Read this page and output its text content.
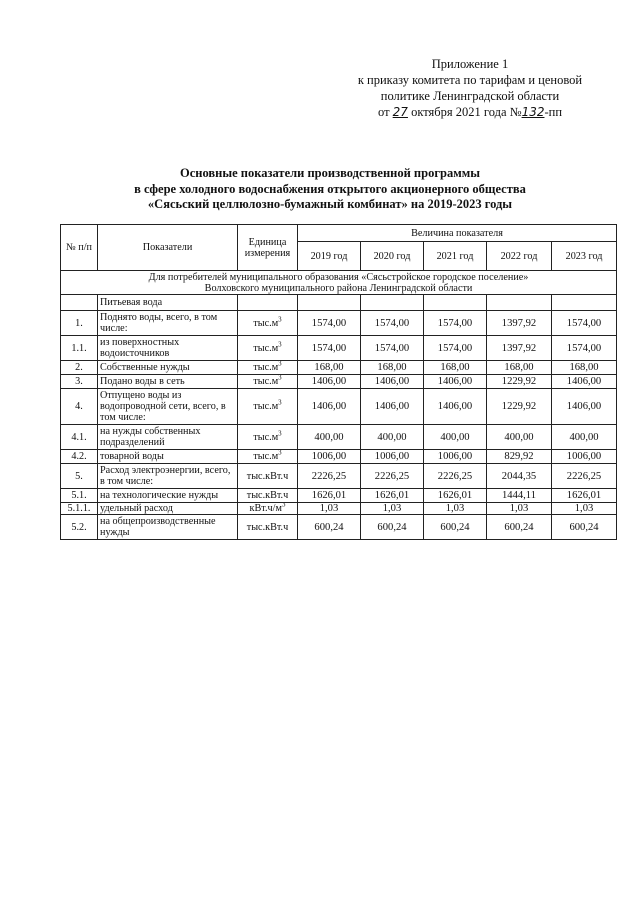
Приложение 1
к приказу комитета по тарифам и ценовой
политике Ленинградской области
от 27 октября 2021 года №132-пп
Основные показатели производственной программы
в сфере холодного водоснабжения открытого акционерного общества
«Сясьский целлюлозно-бумажный комбинат» на 2019-2023 годы
№ п/п	Показатели	Единица измерения	Величина показателя				
			2019 год	2020 год	2021 год	2022 год	2023 год

Для потребителей муниципального образования «Сясьстройское городское поселение»
Волховского муниципального района Ленинградской области							

	Питьевая вода						
1.	Поднято воды, всего, в том числе:	$тыс.м^3$	1574,00	1574,00	1574,00	1397,92	1574,00
1.1.	из поверхностных водоисточников	$тыс.м^3$	1574,00	1574,00	1574,00	1397,92	1574,00
2.	Собственные нужды	$тыс.м^3$	168,00	168,00	168,00	168,00	168,00
3.	Подано воды в сеть	$тыс.м^3$	1406,00	1406,00	1406,00	1229,92	1406,00
4.	Отпущено воды из водопроводной сети, всего, в том числе:	$тыс.м^3$	1406,00	1406,00	1406,00	1229,92	1406,00
4.1.	на нужды собственных подразделений	$тыс.м^3$	400,00	400,00	400,00	400,00	400,00
4.2.	товарной воды	$тыс.м^3$	1006,00	1006,00	1006,00	829,92	1006,00
5.	Расход электроэнергии, всего, в том числе:	тыс.кВт.ч	2226,25	2226,25	2226,25	2044,35	2226,25
5.1.	на технологические нужды	тыс.кВт.ч	1626,01	1626,01	1626,01	1444,11	1626,01
5.1.1.	удельный расход	$кВт.ч/м^3$	1,03	1,03	1,03	1,03	1,03
5.2.	на общепроизводственные нужды	тыс.кВт.ч	600,24	600,24	600,24	600,24	600,24
